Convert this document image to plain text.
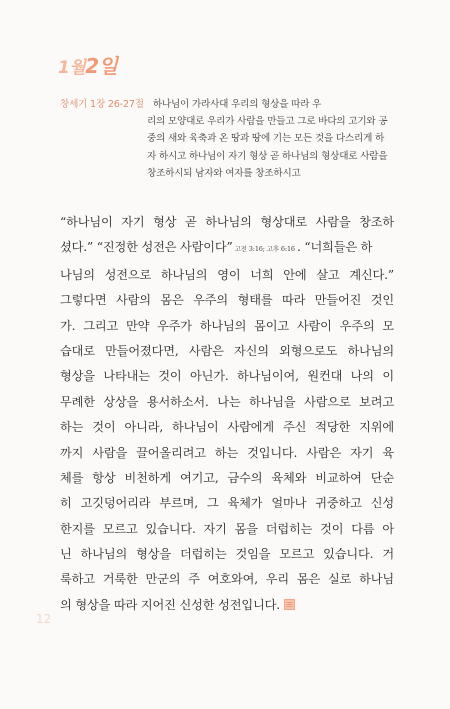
1월2일
창세기 1장 26-27절 하나님이 가라사대 우리의 형상을 따라 우
리의 모양대로 우리가 사람을 만들고 그로 바다의 고기와 공
중의 새와 육축과 온 땅과 땅에 기는 모든 것을 다스리게 하
자 하시고 하나님이 자기 형상 곧 하나님의 형상대로 사람을
창조하시되 남자와 여자를 창조하시고
“하나님이 자기 형상 곧 하나님의 형상대로 사람을 창조하
셨다.” “진정한 성전은 사람이다” 고전 3:16; 고후 6:16 . “너희들은 하
나님의 성전으로 하나님의 영이 너희 안에 살고 계신다.”
그렇다면 사람의 몸은 우주의 형태를 따라 만들어진 것인
가. 그리고 만약 우주가 하나님의 몸이고 사람이 우주의 모
습대로 만들어졌다면, 사람은 자신의 외형으로도 하나님의
형상을 나타내는 것이 아닌가. 하나님이여, 원컨대 나의 이
무례한 상상을 용서하소서. 나는 하나님을 사람으로 보려고
하는 것이 아니라, 하나님이 사람에게 주신 적당한 지위에
까지 사람을 끌어올리려고 하는 것입니다. 사람은 자기 육
체를 항상 비천하게 여기고, 금수의 육체와 비교하여 단순
히 고깃덩어리라 부르며, 그 육체가 얼마나 귀중하고 신성
한지를 모르고 있습니다. 자기 몸을 더럽히는 것이 다름 아
닌 하나님의 형상을 더럽히는 것임을 모르고 있습니다. 거
룩하고 거룩한 만군의 주 여호와여, 우리 몸은 실로 하나님
의 형상을 따라 지어진 신성한 성전입니다.
12
